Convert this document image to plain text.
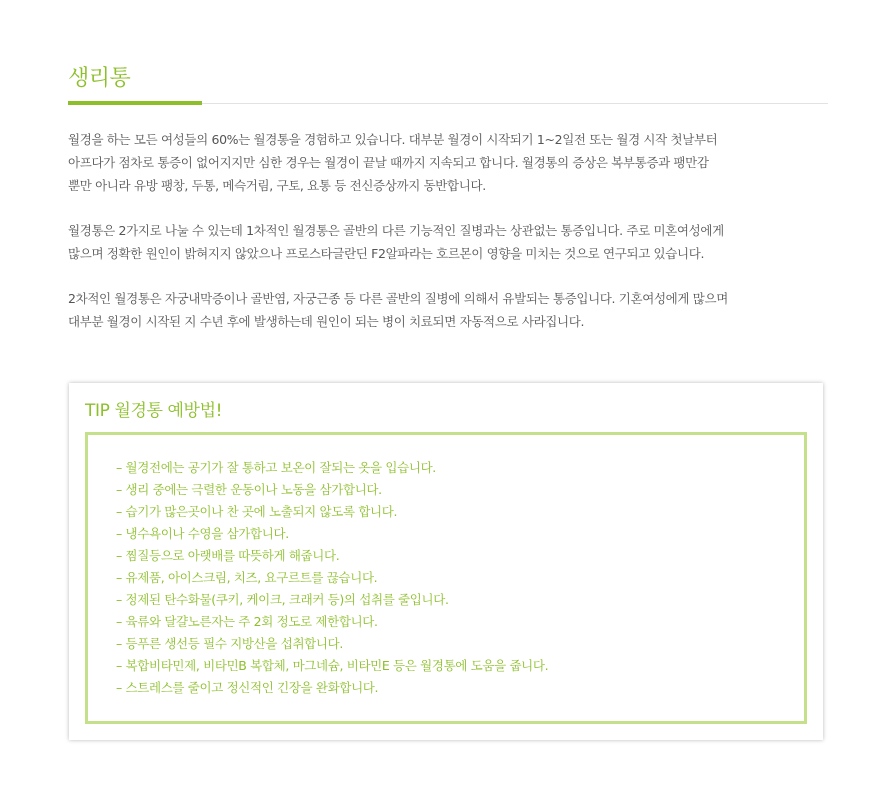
생리통

월경을 하는 모든 여성들의 60%는 월경통을 경험하고 있습니다. 대부분 월경이 시작되기 1~2일전 또는 월경 시작 첫날부터
아프다가 점차로 통증이 없어지지만 심한 경우는 월경이 끝날 때까지 지속되고 합니다. 월경통의 증상은 복부통증과 팽만감
뿐만 아니라 유방 팽창, 두통, 메슥거림, 구토, 요통 등 전신증상까지 동반합니다.

월경통은 2가지로 나눌 수 있는데 1차적인 월경통은 골반의 다른 기능적인 질병과는 상관없는 통증입니다. 주로 미혼여성에게
많으며 정확한 원인이 밝혀지지 않았으나 프로스타글란딘 F2알파라는 호르몬이 영향을 미치는 것으로 연구되고 있습니다.

2차적인 월경통은 자궁내막증이나 골반염, 자궁근종 등 다른 골반의 질병에 의해서 유발되는 통증입니다. 기혼여성에게 많으며
대부분 월경이 시작된 지 수년 후에 발생하는데 원인이 되는 병이 치료되면 자동적으로 사라집니다.

TIP 월경통 예방법!
– 월경전에는 공기가 잘 통하고 보온이 잘되는 옷을 입습니다.
– 생리 중에는 극렬한 운동이나 노동을 삼가합니다.
– 습기가 많은곳이나 찬 곳에 노출되지 않도록 합니다.
– 냉수욕이나 수영을 삼가합니다.
– 찜질등으로 아랫배를 따뜻하게 해줍니다.
– 유제품, 아이스크림, 치즈, 요구르트를 끊습니다.
– 정제된 탄수화물(쿠키, 케이크, 크래커 등)의 섭취를 줄입니다.
– 육류와 달걀노른자는 주 2회 정도로 제한합니다.
– 등푸른 생선등 필수 지방산을 섭취합니다.
– 복합비타민제, 비타민B 복합체, 마그네슘, 비타민E 등은 월경통에 도움을 줍니다.
– 스트레스를 줄이고 정신적인 긴장을 완화합니다.
